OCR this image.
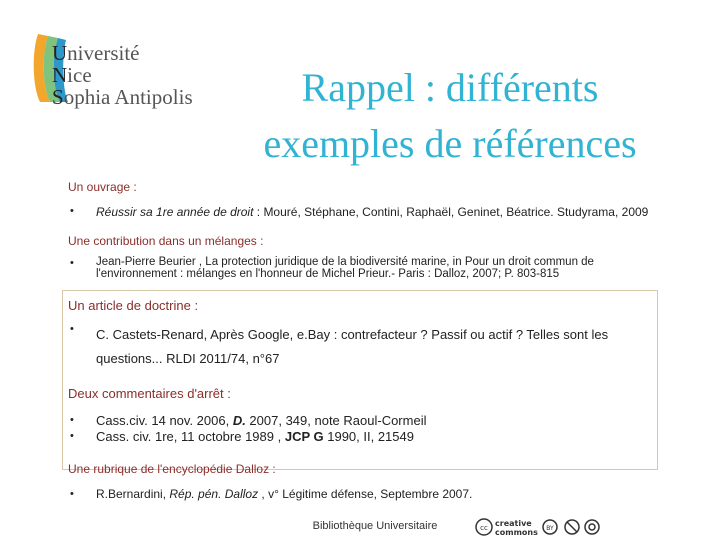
Université
Nice
Sophia Antipolis	Rappel : différents
exemples de références
Un ouvrage :
• Réussir sa 1re année de droit : Mouré, Stéphane, Contini, Raphaël, Geninet, Béatrice. Studyrama, 2009
Une contribution dans un mélanges :
• Jean-Pierre Beurier , La protection juridique de la biodiversité marine, in Pour un droit commun de
l'environnement : mélanges en l'honneur de Michel Prieur.- Paris : Dalloz, 2007; P. 803-815
Un article de doctrine :
• C. Castets-Renard, Après Google, e.Bay : contrefacteur ? Passif ou actif ? Telles sont les
questions... RLDI 2011/74, n°67
Deux commentaires d'arrêt :
•
•
Cass.civ. 14 nov. 2006, D. 2007, 349, note Raoul-Cormeil
Cass. civ. 1re, 11 octobre 1989 , JCP G 1990, II, 21549
Une rubrique de l'encyclopédie Dalloz :
• R.Bernardini, Rép. pén. Dalloz , v° Légitime défense, Septembre 2007.
Bibliothèque Universitaire	cc creative
commons BY
